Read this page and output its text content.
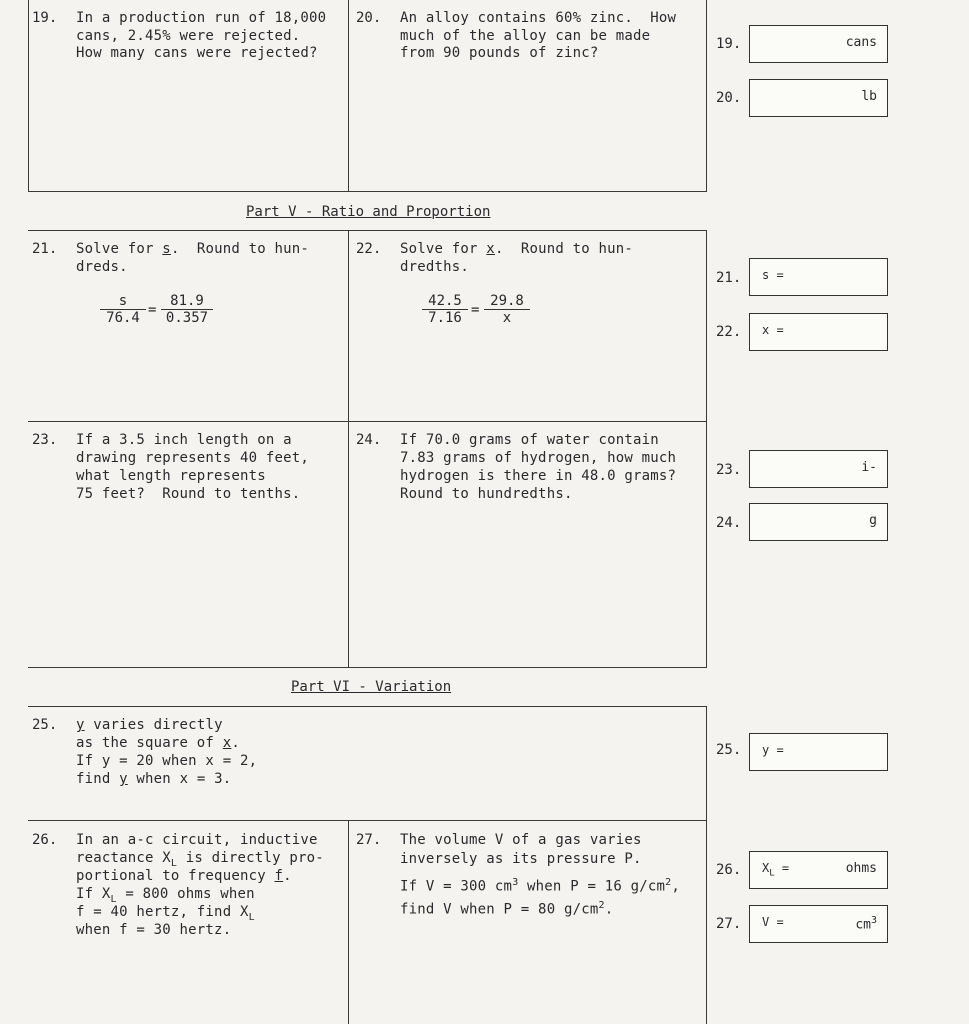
19. In a production run of 18,000
cans, 2.45% were rejected.
How many cans were rejected?
20. An alloy contains 60% zinc.  How
much of the alloy can be made
from 90 pounds of zinc?
Part V - Ratio and Proportion
21. Solve for s.  Round to hun-
dreds.
$\frac{s}{76.4} = \frac{81.9}{0.357}$
22. Solve for x.  Round to hun-
dredths.
$\frac{42.5}{7.16} = \frac{29.8}{x}$
23. If a 3.5 inch length on a
drawing represents 40 feet,
what length represents
75 feet?  Round to tenths.
24. If 70.0 grams of water contain
7.83 grams of hydrogen, how much
hydrogen is there in 48.0 grams?
Round to hundredths.
Part VI - Variation
25. y varies directly
as the square of x.
If y = 20 when x = 2,
find y when x = 3.
26. In an a-c circuit, inductive
reactance $X_L$ is directly pro-
portional to frequency f.
If $X_L = 800$ ohms when
f = 40 hertz, find $X_L$
when f = 30 hertz.
27. The volume V of a gas varies
inversely as its pressure P.
If V = 300 $cm^3$ when P = 16 $g/cm^2$,
find V when P = 80 $g/cm^2$.
19.	cans
20.	lb
21. s =
22. x =
23.	i-
24.	g
25. y =
26. $X_L$ =	ohms
27. V =	$cm^3$
